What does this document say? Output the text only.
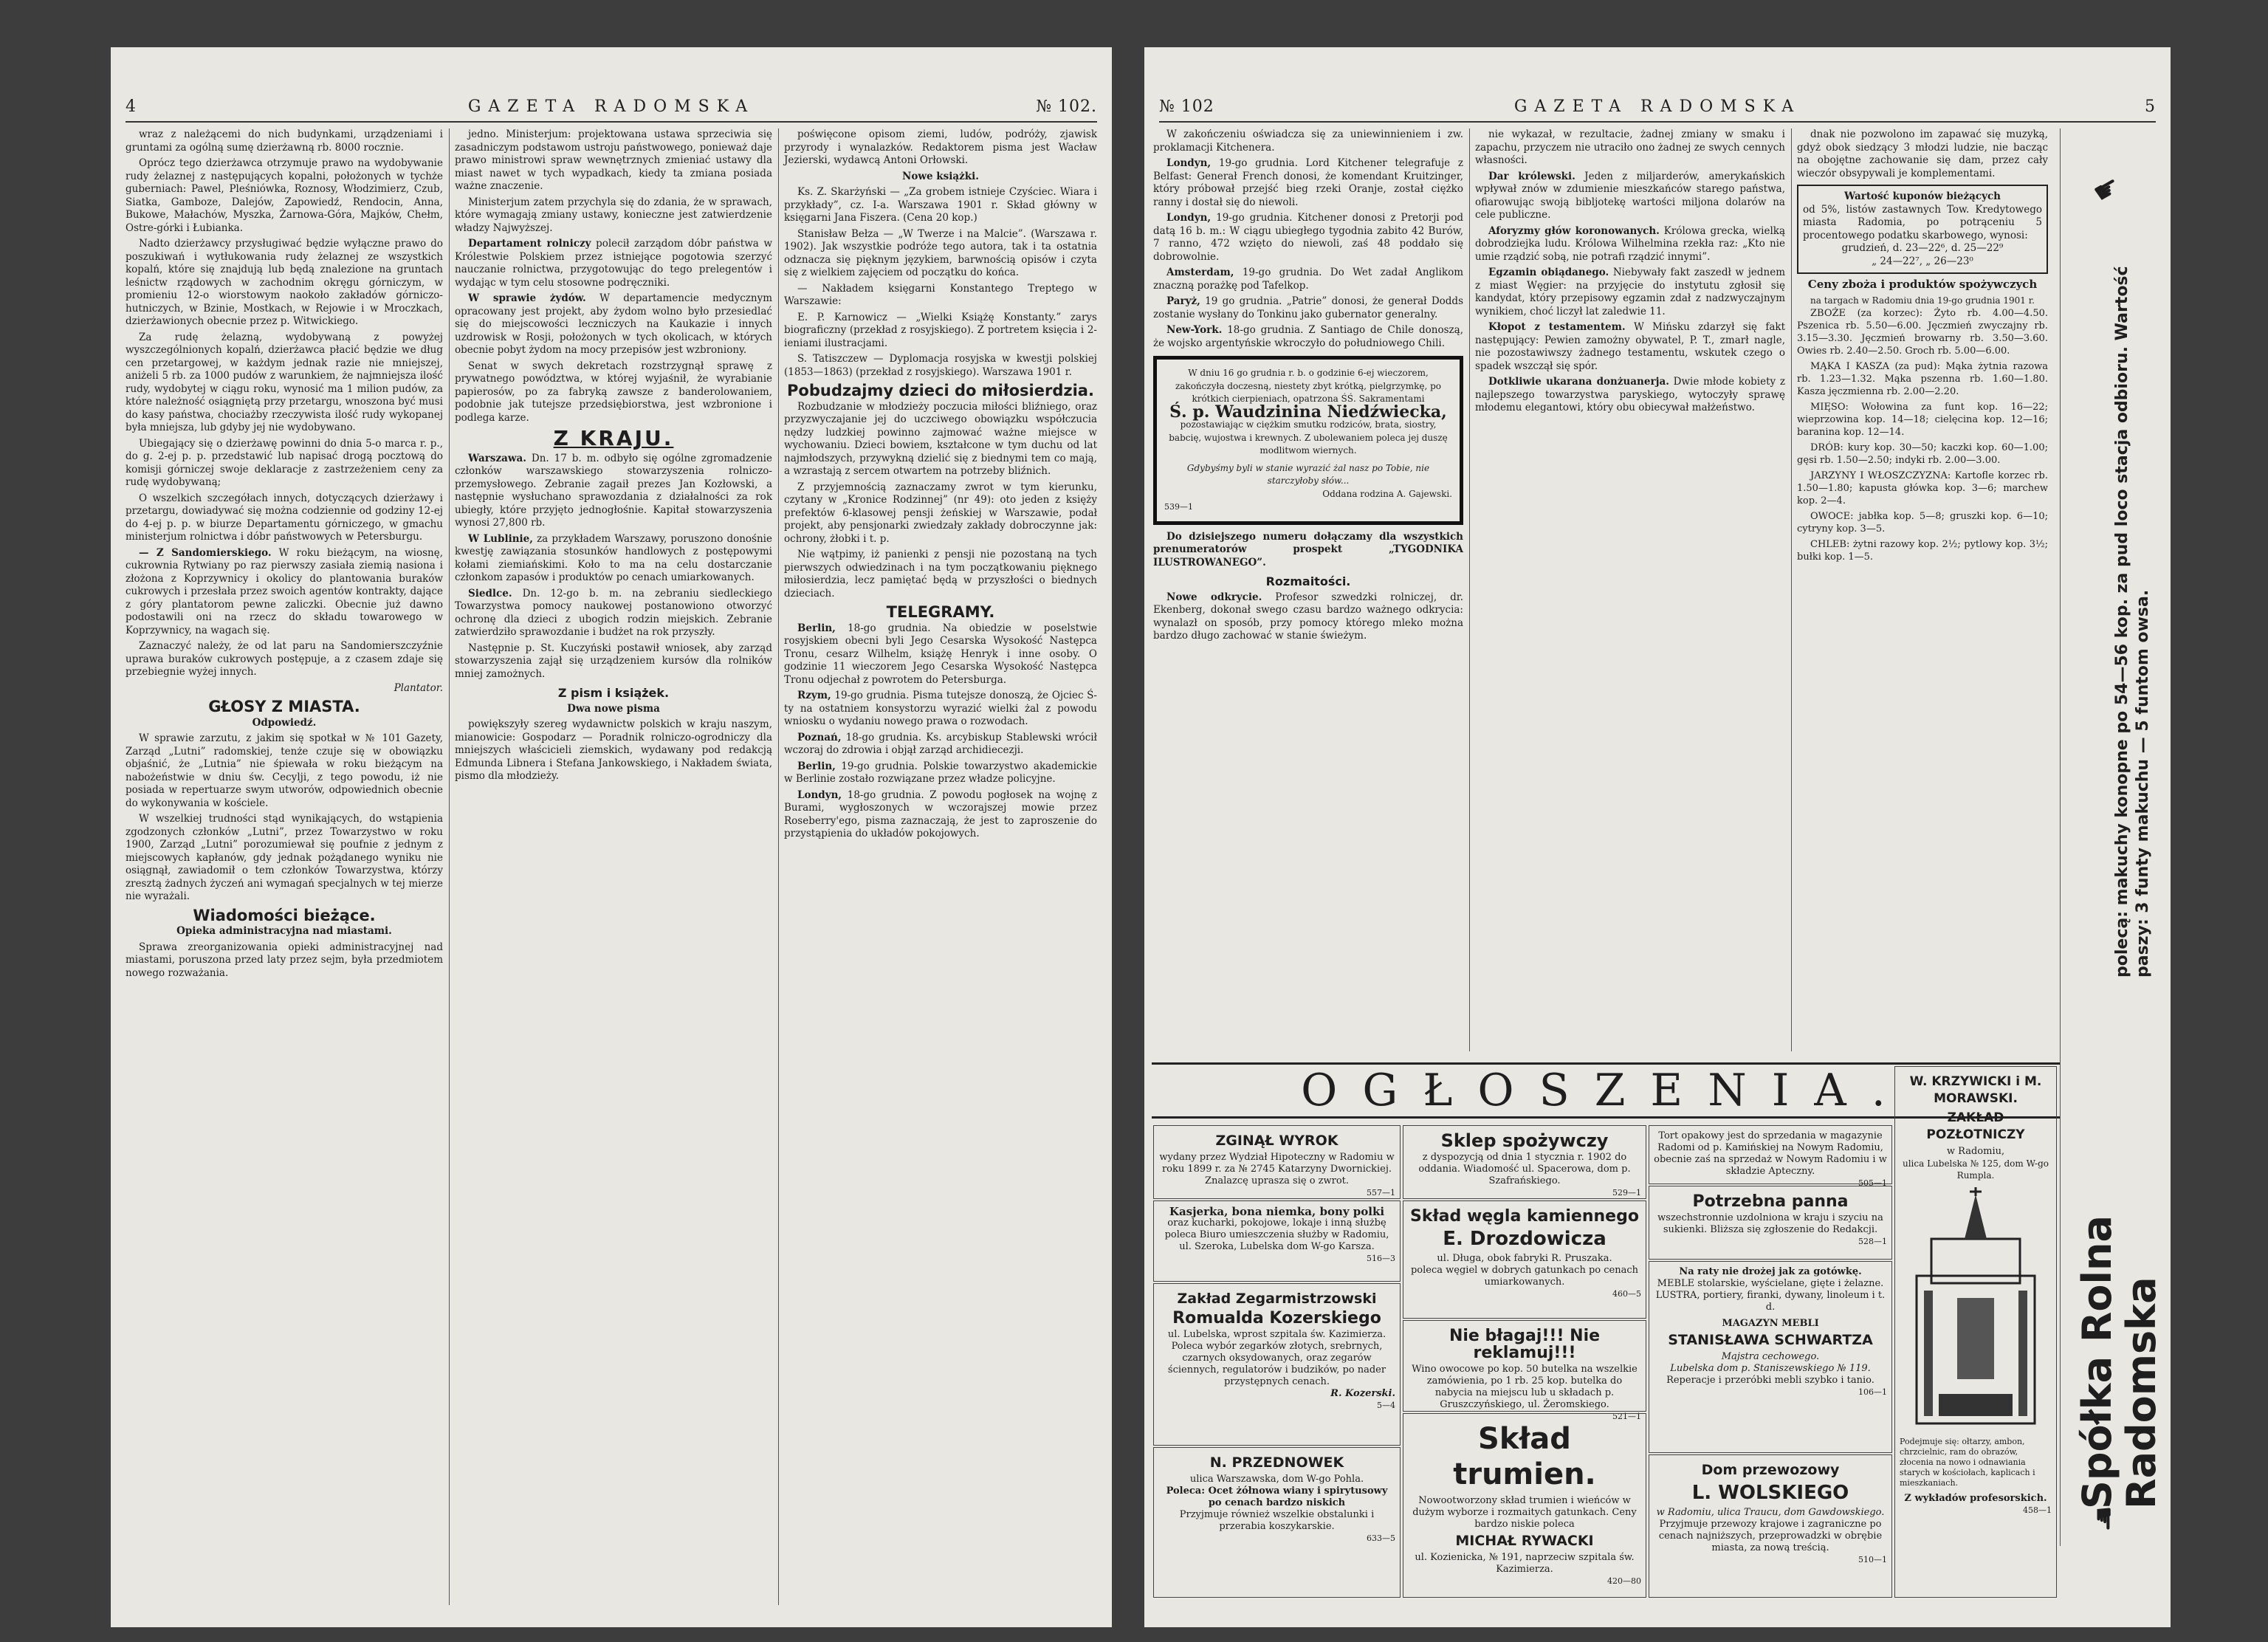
4	GAZETA RADOMSKA	№ 102.

wraz z należącemi do nich budynkami, urządzeniami i gruntami za ogólną sumę dzierżawną rb. 8000 rocznie.

Oprócz tego dzierżawca otrzymuje prawo na wydobywanie rudy żelaznej z następujących kopalni, położonych w tychże guberniach: Pawel, Pleśniówka, Roznosy, Włodzimierz, Czub, Siatka, Gamboze, Dalejów, Zapowiedź, Rendocin, Anna, Bukowe, Małachów, Myszka, Żarnowa-Góra, Majków, Chełm, Ostre-górki i Łubianka.

Nadto dzierżawcy przysługiwać będzie wyłączne prawo do poszukiwań i wytłukowania rudy żelaznej ze wszystkich kopalń, które się znajdują lub będą znalezione na gruntach leśnictw rządowych w zachodnim okręgu górniczym, w promieniu 12-o wiorstowym naokoło zakładów górniczo-hutniczych, w Bzinie, Mostkach, w Rejowie i w Mroczkach, dzierżawionych obecnie przez p. Witwickiego.

Za rudę żelazną, wydobywaną z powyżej wyszczególnionych kopalń, dzierżawca płacić będzie we dług cen przetargowej, w każdym jednak razie nie mniejszej, aniżeli 5 rb. za 1000 pudów z warunkiem, że najmniejsza ilość rudy, wydobytej w ciągu roku, wynosić ma 1 milion pudów, za które należność osiągniętą przy przetargu, wnoszona być musi do kasy państwa, chociażby rzeczywista ilość rudy wykopanej była mniejsza, lub gdyby jej nie wydobywano.

Ubiegający się o dzierżawę powinni do dnia 5-o marca r. p., do g. 2-ej p. p. przedstawić lub napisać drogą pocztową do komisji górniczej swoje deklaracje z zastrzeżeniem ceny za rudę wydobywaną;

O wszelkich szczegółach innych, dotyczących dzierżawy i przetargu, dowiadywać się można codziennie od godziny 12-ej do 4-ej p. p. w biurze Departamentu górniczego, w gmachu ministerjum rolnictwa i dóbr państwowych w Petersburgu.

— Z Sandomierskiego. W roku bieżącym, na wiosnę, cukrownia Rytwiany po raz pierwszy zasiała ziemią nasiona i złożona z Koprzywnicy i okolicy do plantowania buraków cukrowych i przesłała przez swoich agentów kontrakty, dające z góry plantatorom pewne zaliczki. Obecnie już dawno podostawili oni na rzecz do składu towarowego w Koprzywnicy, na wagach się.

Zaznaczyć należy, że od lat paru na Sandomierszczyźnie uprawa buraków cukrowych postępuje, a z czasem zdaje się przebiegnie wyżej innych.

Plantator.
GŁOSY Z MIASTA.
Odpowiedź.

W sprawie zarzutu, z jakim się spotkał w № 101 Gazety, Zarząd „Lutni” radomskiej, tenże czuje się w obowiązku objaśnić, że „Lutnia” nie śpiewała w roku bieżącym na nabożeństwie w dniu św. Cecylji, z tego powodu, iż nie posiada w repertuarze swym utworów, odpowiednich obecnie do wykonywania w kościele.

W wszelkiej trudności stąd wynikających, do wstąpienia zgodzonych członków „Lutni”, przez Towarzystwo w roku 1900, Zarząd „Lutni” porozumiewał się poufnie z jednym z miejscowych kapłanów, gdy jednak pożądanego wyniku nie osiągnął, zawiadomił o tem członków Towarzystwa, którzy zresztą żadnych życzeń ani wymagań specjalnych w tej mierze nie wyrażali.

Wiadomości bieżące.
Opieka administracyjna nad miastami.

Sprawa zreorganizowania opieki administracyjnej nad miastami, poruszona przed laty przez sejm, była przedmiotem nowego rozważania.

jedno. Ministerjum: projektowana ustawa sprzeciwia się zasadniczym podstawom ustroju państwowego, ponieważ daje prawo ministrowi spraw wewnętrznych zmieniać ustawy dla miast nawet w tych wypadkach, kiedy ta zmiana posiada ważne znaczenie.

Ministerjum zatem przychyla się do zdania, że w sprawach, które wymagają zmiany ustawy, konieczne jest zatwierdzenie władzy Najwyższej.

Departament rolniczy polecił zarządom dóbr państwa w Królestwie Polskiem przez istniejące pogotowia szerzyć nauczanie rolnictwa, przygotowując do tego prelegentów i wydając w tym celu stosowne podręczniki.

W sprawie żydów. W departamencie medycznym opracowany jest projekt, aby żydom wolno było przesiedlać się do miejscowości leczniczych na Kaukazie i innych uzdrowisk w Rosji, położonych w tych okolicach, w których obecnie pobyt żydom na mocy przepisów jest wzbroniony.

Senat w swych dekretach rozstrzygnął sprawę z prywatnego powództwa, w której wyjaśnił, że wyrabianie papierosów, po za fabryką zawsze z banderolowaniem, podobnie jak tutejsze przedsiębiorstwa, jest wzbronione i podlega karze.

Z KRAJU.

Warszawa. Dn. 17 b. m. odbyło się ogólne zgromadzenie członków warszawskiego stowarzyszenia rolniczo-przemysłowego. Zebranie zagaił prezes Jan Kozłowski, a następnie wysłuchano sprawozdania z działalności za rok ubiegły, które przyjęto jednogłośnie. Kapitał stowarzyszenia wynosi 27,800 rb.

W Lublinie, za przykładem Warszawy, poruszono donośnie kwestję zawiązania stosunków handlowych z postępowymi kołami ziemiańskimi. Koło to ma na celu dostarczanie członkom zapasów i produktów po cenach umiarkowanych.

Siedlce. Dn. 12-go b. m. na zebraniu siedleckiego Towarzystwa pomocy naukowej postanowiono otworzyć ochronę dla dzieci z ubogich rodzin miejskich. Zebranie zatwierdziło sprawozdanie i budżet na rok przyszły.

Następnie p. St. Kuczyński postawił wniosek, aby zarząd stowarzyszenia zajął się urządzeniem kursów dla rolników mniej zamożnych.

Z pism i książek.
Dwa nowe pisma

powiększyły szereg wydawnictw polskich w kraju naszym, mianowicie: Gospodarz — Poradnik rolniczo-ogrodniczy dla mniejszych właścicieli ziemskich, wydawany pod redakcją Edmunda Libnera i Stefana Jankowskiego, i Nakładem świata, pismo dla młodzieży.

poświęcone opisom ziemi, ludów, podróży, zjawisk przyrody i wynalazków. Redaktorem pisma jest Wacław Jezierski, wydawcą Antoni Orłowski.

Nowe książki.

Ks. Z. Skarżyński — „Za grobem istnieje Czyściec. Wiara i przykłady”, cz. I-a. Warszawa 1901 r. Skład główny w księgarni Jana Fiszera. (Cena 20 kop.)

Stanisław Bełza — „W Twerze i na Malcie”. (Warszawa r. 1902). Jak wszystkie podróże tego autora, tak i ta ostatnia odznacza się pięknym językiem, barwnością opisów i czyta się z wielkiem zajęciem od początku do końca.

— Nakładem księgarni Konstantego Treptego w Warszawie:

E. P. Karnowicz — „Wielki Książę Konstanty.” zarys biograficzny (przekład z rosyjskiego). Z portretem księcia i 2-ieniami ilustracjami.

S. Tatiszczew — Dyplomacja rosyjska w kwestji polskiej (1853—1863) (przekład z rosyjskiego). Warszawa 1901 r.

Pobudzajmy dzieci do miłosierdzia.

Rozbudzanie w młodzieży poczucia miłości bliźniego, oraz przyzwyczajanie jej do uczciwego obowiązku współczucia nędzy ludzkiej powinno zajmować ważne miejsce w wychowaniu. Dzieci bowiem, kształcone w tym duchu od lat najmłodszych, przywykną dzielić się z biednymi tem co mają, a wzrastają z sercem otwartem na potrzeby bliźnich.

Z przyjemnością zaznaczamy zwrot w tym kierunku, czytany w „Kronice Rodzinnej” (nr 49): oto jeden z księży prefektów 6-klasowej pensji żeńskiej w Warszawie, podał projekt, aby pensjonarki zwiedzały zakłady dobroczynne jak: ochrony, żłobki i t. p.

Nie wątpimy, iż panienki z pensji nie pozostaną na tych pierwszych odwiedzinach i na tym początkowaniu pięknego miłosierdzia, lecz pamiętać będą w przyszłości o biednych dzieciach.

TELEGRAMY.

Berlin, 18-go grudnia. Na obiedzie w poselstwie rosyjskiem obecni byli Jego Cesarska Wysokość Następca Tronu, cesarz Wilhelm, książę Henryk i inne osoby. O godzinie 11 wieczorem Jego Cesarska Wysokość Następca Tronu odjechał z powrotem do Petersburga.

Rzym, 19-go grudnia. Pisma tutejsze donoszą, że Ojciec Ś-ty na ostatniem konsystorzu wyrazić wielki żal z powodu wniosku o wydaniu nowego prawa o rozwodach.

Poznań, 18-go grudnia. Ks. arcybiskup Stablewski wrócił wczoraj do zdrowia i objął zarząd archidiecezji.

Berlin, 19-go grudnia. Polskie towarzystwo akademickie w Berlinie zostało rozwiązane przez władze policyjne.

Londyn, 18-go grudnia. Z powodu pogłosek na wojnę z Burami, wygłoszonych w wczorajszej mowie przez Roseberry'ego, pisma zaznaczają, że jest to zaproszenie do przystąpienia do układów pokojowych.

№ 102	GAZETA RADOMSKA	5

W zakończeniu oświadcza się za uniewinnieniem i zw. proklamacji Kitchenera.

Londyn, 19-go grudnia. Lord Kitchener telegrafuje z Belfast: Generał French donosi, że komendant Kruitzinger, który próbował przejść bieg rzeki Oranje, został ciężko ranny i dostał się do niewoli.

Londyn, 19-go grudnia. Kitchener donosi z Pretorji pod datą 16 b. m.: W ciągu ubiegłego tygodnia zabito 42 Burów, 7 ranno, 472 wzięto do niewoli, zaś 48 poddało się dobrowolnie.

Amsterdam, 19-go grudnia. Do Wet zadał Anglikom znaczną porażkę pod Tafelkop.

Paryż, 19 go grudnia. „Patrie” donosi, że generał Dodds zostanie wysłany do Tonkinu jako gubernator generalny.

New-York. 18-go grudnia. Z Santiago de Chile donoszą, że wojsko argentyńskie wkroczyło do południowego Chili.

W dniu 16 go grudnia r. b. o godzinie 6-ej wieczorem, zakończyła doczesną, niestety zbyt krótką, pielgrzymkę, po krótkich cierpieniach, opatrzona ŚŚ. Sakramentami
Ś. p. Waudzinina Niedźwiecka,
pozostawiając w ciężkim smutku rodziców, brata, siostry, babcię, wujostwa i krewnych. Z ubolewaniem poleca jej duszę modlitwom wiernych.
Gdybyśmy byli w stanie wyrazić żal nasz po Tobie, nie starczyłoby słów...
Oddana rodzina A. Gajewski.
539—1

Do dzisiejszego numeru dołączamy dla wszystkich prenumeratorów prospekt „TYGODNIKA ILUSTROWANEGO”.

Rozmaitości.

Nowe odkrycie. Profesor szwedzki rolniczej, dr. Ekenberg, dokonał swego czasu bardzo ważnego odkrycia: wynalazł on sposób, przy pomocy którego mleko można bardzo długo zachować w stanie świeżym.

nie wykazał, w rezultacie, żadnej zmiany w smaku i zapachu, przyczem nie utraciło ono żadnej ze swych cennych własności.

Dar królewski. Jeden z miljarderów, amerykańskich wpływał znów w zdumienie mieszkańców starego państwa, ofiarowując swoją bibljotekę wartości miljona dolarów na cele publiczne.

Aforyzmy głów koronowanych. Królowa grecka, wielką dobrodziejka ludu. Królowa Wilhelmina rzekła raz: „Kto nie umie rządzić sobą, nie potrafi rządzić innymi”.

Egzamin obiądanego. Niebywały fakt zaszedł w jednem z miast Węgier: na przyjęcie do instytutu zgłosił się kandydat, który przepisowy egzamin zdał z nadzwyczajnym wynikiem, choć liczył lat zaledwie 11.

Kłopot z testamentem. W Mińsku zdarzył się fakt następujący: Pewien zamożny obywatel, P. T., zmarł nagle, nie pozostawiwszy żadnego testamentu, wskutek czego o spadek wszczął się spór.

Dotkliwie ukarana donżuanerja. Dwie młode kobiety z najlepszego towarzystwa paryskiego, wytoczyły sprawę młodemu elegantowi, który obu obiecywał małżeństwo.

dnak nie pozwolono im zapawać się muzyką, gdyż obok siedzący 3 młodzi ludzie, nie bacząc na obojętne zachowanie się dam, przez cały wieczór obsypywali je komplementami.

Wartość kuponów bieżących
od 5%, listów zastawnych Tow. Kredytowego miasta Radomia, po potrąceniu 5 procentowego podatku skarbowego, wynosi:
grudzień, d. 23—22⁶, d. 25—22⁹
„ 24—22⁷, „ 26—23⁰
Ceny zboża i produktów spożywczych
na targach w Radomiu dnia 19-go grudnia 1901 r.

ZBOŻE (za korzec): Żyto rb. 4.00—4.50. Pszenica rb. 5.50—6.00. Jęczmień zwyczajny rb. 3.15—3.30. Jęczmień browarny rb. 3.50—3.60. Owies rb. 2.40—2.50. Groch rb. 5.00—6.00.

MĄKA I KASZA (za pud): Mąka żytnia razowa rb. 1.23—1.32. Mąka pszenna rb. 1.60—1.80. Kasza jęczmienna rb. 2.00—2.20.

MIĘSO: Wołowina za funt kop. 16—22; wieprzowina kop. 14—18; cielęcina kop. 12—16; baranina kop. 12—14.

DRÓB: kury kop. 30—50; kaczki kop. 60—1.00; gęsi rb. 1.50—2.50; indyki rb. 2.00—3.00.

JARZYNY I WŁOSZCZYZNA: Kartofle korzec rb. 1.50—1.80; kapusta główka kop. 3—6; marchew kop. 2—4.

OWOCE: jabłka kop. 5—8; gruszki kop. 6—10; cytryny kop. 3—5.

CHLEB: żytni razowy kop. 2½; pytlowy kop. 3½; bułki kop. 1—5.

☛
polecą: makuchy konopne po 54—56 kop. za pud loco stacja odbioru. Wartość paszy: 3 funty makuchu — 5 funtom owsa.
Spółka Rolna Radomska
☛
OGŁOSZENIA.
ZGINĄŁ WYROK
wydany przez Wydział Hipoteczny w Radomiu w roku 1899 r. za № 2745 Katarzyny Dwornickiej. Znalazcę uprasza się o zwrot.
557—1
Kasjerka, bona niemka, bony polki
oraz kucharki, pokojowe, lokaje i inną służbę poleca Biuro umieszczenia służby w Radomiu, ul. Szeroka, Lubelska dom W-go Karsza.
516—3
Zakład Zegarmistrzowski
Romualda Kozerskiego
ul. Lubelska, wprost szpitala św. Kazimierza. Poleca wybór zegarków złotych, srebrnych, czarnych oksydowanych, oraz zegarów ściennych, regulatorów i budzików, po nader przystępnych cenach.
R. Kozerski.
5—4
N. PRZEDNOWEK
ulica Warszawska, dom W-go Pohla.
Poleca: Ocet żółnowa wiany i spirytusowy po cenach bardzo niskich
Przyjmuje również wszelkie obstalunki i przerabia koszykarskie.
633—5
Sklep spożywczy
z dyspozycją od dnia 1 stycznia r. 1902 do oddania. Wiadomość ul. Spacerowa, dom p. Szafrańskiego.
529—1
Skład węgla kamiennego
E. Drozdowicza
ul. Długa, obok fabryki R. Pruszaka.
poleca węgiel w dobrych gatunkach po cenach umiarkowanych.
460—5
Nie błagaj!!! Nie reklamuj!!!
Wino owocowe po kop. 50 butelka na wszelkie zamówienia, po 1 rb. 25 kop. butelka do nabycia na miejscu lub u składach p. Gruszczyńskiego, ul. Żeromskiego.
521—1
Skład trumien.
Nowootworzony skład trumien i wieńców w dużym wyborze i rozmaitych gatunkach. Ceny bardzo niskie poleca
MICHAŁ RYWACKI
ul. Kozienicka, № 191, naprzeciw szpitala św. Kazimierza.
420—80
Tort opakowy jest do sprzedania w magazynie Radomi od p. Kamińskiej na Nowym Radomiu, obecnie zaś na sprzedaż w Nowym Radomiu i w składzie Apteczny.
505—1
Potrzebna panna
wszechstronnie uzdolniona w kraju i szyciu na sukienki. Bliższa się zgłoszenie do Redakcji.
528—1
Na raty nie drożej jak za gotówkę.
MEBLE stolarskie, wyścielane, gięte i żelazne. LUSTRA, portiery, firanki, dywany, linoleum i t. d.
MAGAZYN MEBLI
STANISŁAWA SCHWARTZA
Majstra cechowego.
Lubelska dom p. Staniszewskiego № 119.
Reperacje i przeróbki mebli szybko i tanio.
106—1
Dom przewozowy
L. WOLSKIEGO
w Radomiu, ulica Traucu, dom Gawdowskiego.
Przyjmuje przewozy krajowe i zagraniczne po cenach najniższych, przeprowadzki w obrębie miasta, za nową treścią.
510—1
W. KRZYWICKI i M. MORAWSKI.
ZAKŁAD POZŁOTNICZY
w Radomiu,
ulica Lubelska № 125, dom W-go Rumpla.
Podejmuje się: ołtarzy, ambon, chrzcielnic, ram do obrazów, złocenia na nowo i odnawiania starych w kościołach, kaplicach i mieszkaniach.
Z wykładów profesorskich.
458—1
